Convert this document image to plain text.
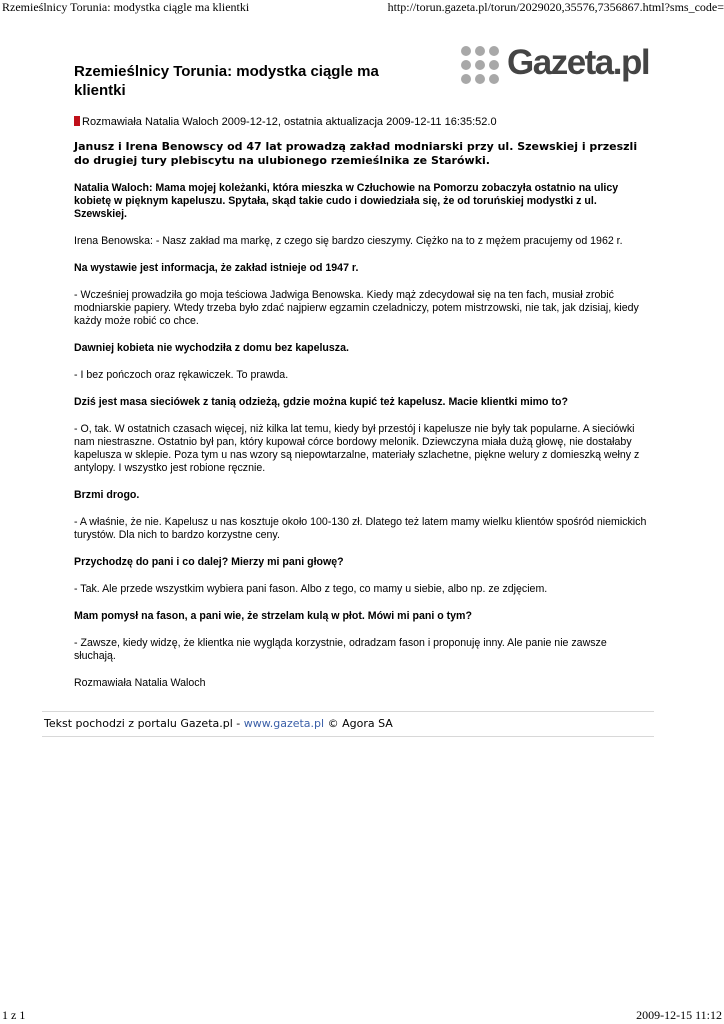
Rzemieślnicy Torunia: modystka ciągle ma klientki	http://torun.gazeta.pl/torun/2029020,35576,7356867.html?sms_code=
Rzemieślnicy Torunia: modystka ciągle ma klientki
Gazeta.pl
Rozmawiała Natalia Waloch 2009-12-12, ostatnia aktualizacja 2009-12-11 16:35:52.0

Janusz i Irena Benowscy od 47 lat prowadzą zakład modniarski przy ul. Szewskiej i przeszli do drugiej tury plebiscytu na ulubionego rzemieślnika ze Starówki.

Natalia Waloch: Mama mojej koleżanki, która mieszka w Człuchowie na Pomorzu zobaczyła ostatnio na ulicy kobietę w pięknym kapeluszu. Spytała, skąd takie cudo i dowiedziała się, że od toruńskiej modystki z ul. Szewskiej.

Irena Benowska: - Nasz zakład ma markę, z czego się bardzo cieszymy. Ciężko na to z mężem pracujemy od 1962 r.

Na wystawie jest informacja, że zakład istnieje od 1947 r.

- Wcześniej prowadziła go moja teściowa Jadwiga Benowska. Kiedy mąż zdecydował się na ten fach, musiał zrobić modniarskie papiery. Wtedy trzeba było zdać najpierw egzamin czeladniczy, potem mistrzowski, nie tak, jak dzisiaj, kiedy każdy może robić co chce.

Dawniej kobieta nie wychodziła z domu bez kapelusza.

- I bez pończoch oraz rękawiczek. To prawda.

Dziś jest masa sieciówek z tanią odzieżą, gdzie można kupić też kapelusz. Macie klientki mimo to?

- O, tak. W ostatnich czasach więcej, niż kilka lat temu, kiedy był przestój i kapelusze nie były tak popularne. A sieciówki nam niestraszne. Ostatnio był pan, który kupował córce bordowy melonik. Dziewczyna miała dużą głowę, nie dostałaby kapelusza w sklepie. Poza tym u nas wzory są niepowtarzalne, materiały szlachetne, piękne welury z domieszką wełny z antylopy. I wszystko jest robione ręcznie.

Brzmi drogo.

- A właśnie, że nie. Kapelusz u nas kosztuje około 100-130 zł. Dlatego też latem mamy wielku klientów spośród niemickich turystów. Dla nich to bardzo korzystne ceny.

Przychodzę do pani i co dalej? Mierzy mi pani głowę?

- Tak. Ale przede wszystkim wybiera pani fason. Albo z tego, co mamy u siebie, albo np. ze zdjęciem.

Mam pomysł na fason, a pani wie, że strzelam kulą w płot. Mówi mi pani o tym?

- Zawsze, kiedy widzę, że klientka nie wygląda korzystnie, odradzam fason i proponuję inny. Ale panie nie zawsze słuchają.

Rozmawiała Natalia Waloch

Tekst pochodzi z portalu Gazeta.pl - www.gazeta.pl © Agora SA
1 z 1	2009-12-15 11:12
